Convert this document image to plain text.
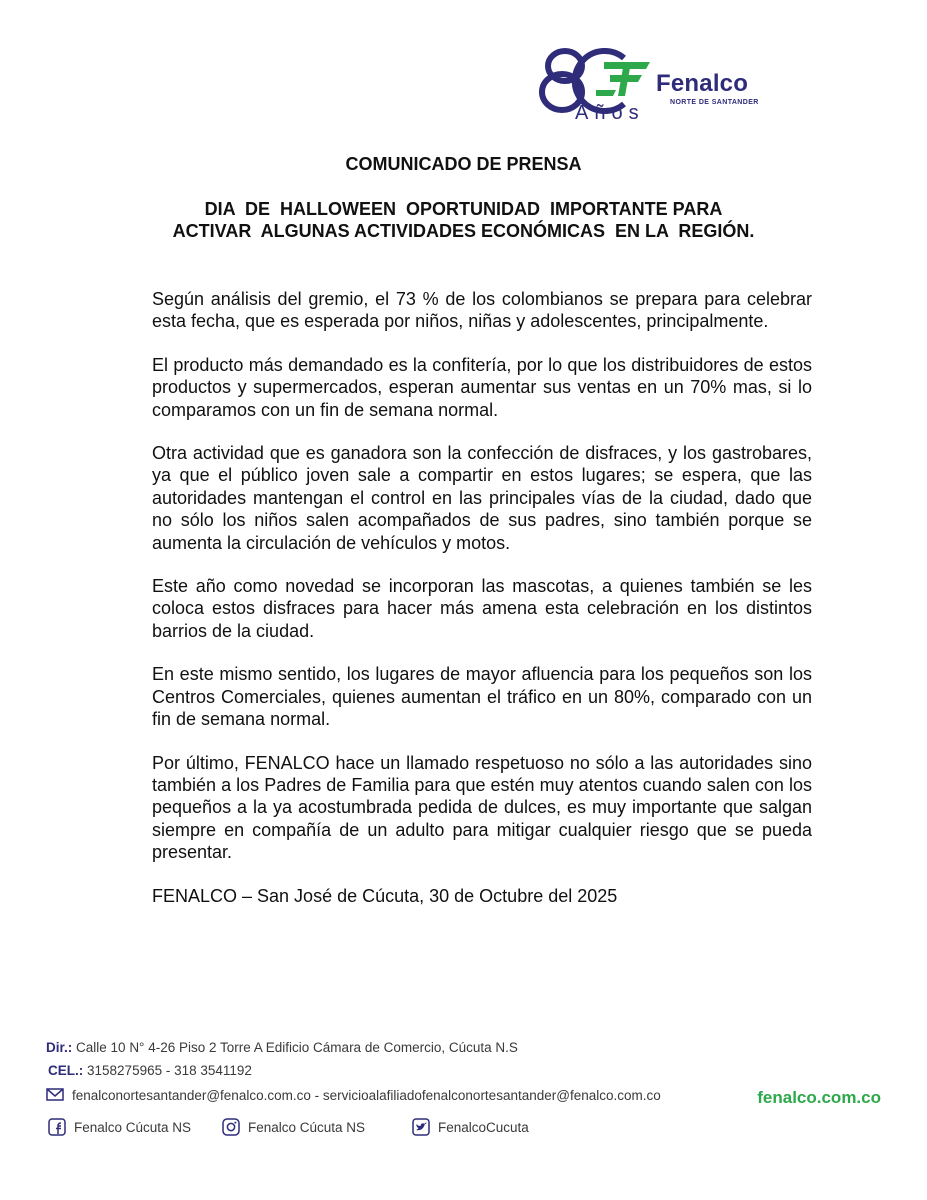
Fenalco
NORTE DE SANTANDER
Años
COMUNICADO DE PRENSA
DIA  DE  HALLOWEEN  OPORTUNIDAD  IMPORTANTE PARA
ACTIVAR  ALGUNAS ACTIVIDADES ECONÓMICAS  EN LA  REGIÓN.

Según análisis del gremio, el 73 % de los colombianos se prepara para celebrar esta fecha, que es esperada por niños, niñas y adolescentes, principalmente.

El producto más demandado es la confitería, por lo que los distribuidores de estos productos y supermercados, esperan aumentar sus ventas en un 70% mas, si lo comparamos con un fin de semana normal.

Otra actividad que es ganadora son la confección de disfraces, y los gastrobares, ya que el público joven sale a compartir en estos lugares; se espera, que las autoridades mantengan el control en las principales vías de la ciudad, dado que no sólo los niños salen acompañados de sus padres, sino también porque se aumenta la circulación de vehículos y motos.

Este año como novedad se incorporan las mascotas, a quienes también se les coloca estos disfraces para hacer más amena esta celebración en los distintos barrios de la ciudad.

En este mismo sentido, los lugares de mayor afluencia para los pequeños son los Centros Comerciales, quienes aumentan el tráfico en un 80%, comparado con un fin de semana normal.

Por último, FENALCO hace un llamado respetuoso no sólo a las autoridades sino también a los Padres de Familia para que estén muy atentos cuando salen con los pequeños a la ya acostumbrada pedida de dulces, es muy importante que salgan siempre en compañía de un adulto para mitigar cualquier riesgo que se pueda presentar.

FENALCO – San José de Cúcuta, 30 de Octubre del 2025

Dir.: Calle 10 N° 4-26 Piso 2 Torre A Edificio Cámara de Comercio, Cúcuta N.S
CEL.: 3158275965 - 318 3541192
fenalconortesantander@fenalco.com.co - servicioalafiliadofenalconortesantander@fenalco.com.co
Fenalco Cúcuta NS	Fenalco Cúcuta NS	FenalcoCucuta
fenalco.com.co
